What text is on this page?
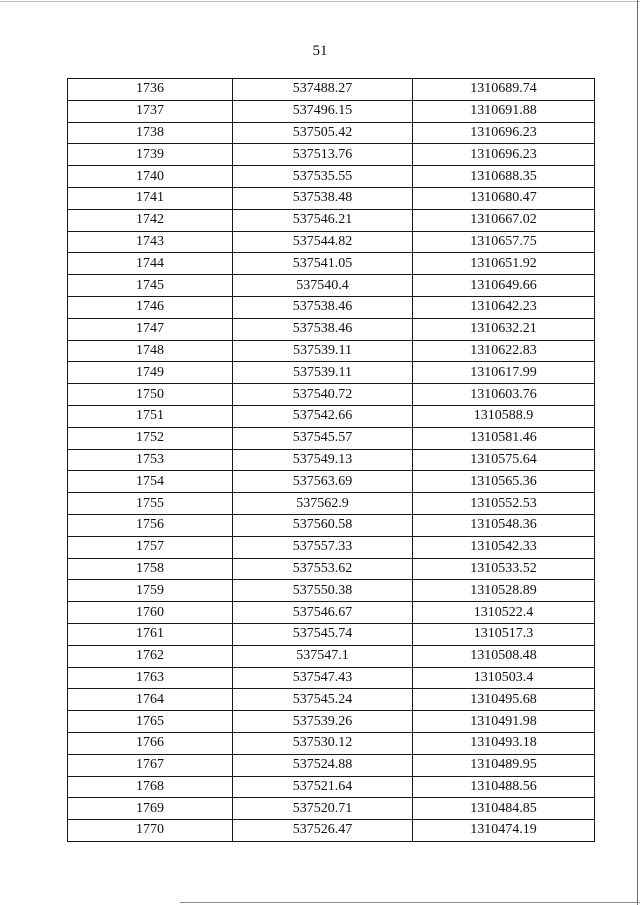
51
1736	537488.27	1310689.74
1737	537496.15	1310691.88
1738	537505.42	1310696.23
1739	537513.76	1310696.23
1740	537535.55	1310688.35
1741	537538.48	1310680.47
1742	537546.21	1310667.02
1743	537544.82	1310657.75
1744	537541.05	1310651.92
1745	537540.4	1310649.66
1746	537538.46	1310642.23
1747	537538.46	1310632.21
1748	537539.11	1310622.83
1749	537539.11	1310617.99
1750	537540.72	1310603.76
1751	537542.66	1310588.9
1752	537545.57	1310581.46
1753	537549.13	1310575.64
1754	537563.69	1310565.36
1755	537562.9	1310552.53
1756	537560.58	1310548.36
1757	537557.33	1310542.33
1758	537553.62	1310533.52
1759	537550.38	1310528.89
1760	537546.67	1310522.4
1761	537545.74	1310517.3
1762	537547.1	1310508.48
1763	537547.43	1310503.4
1764	537545.24	1310495.68
1765	537539.26	1310491.98
1766	537530.12	1310493.18
1767	537524.88	1310489.95
1768	537521.64	1310488.56
1769	537520.71	1310484.85
1770	537526.47	1310474.19
